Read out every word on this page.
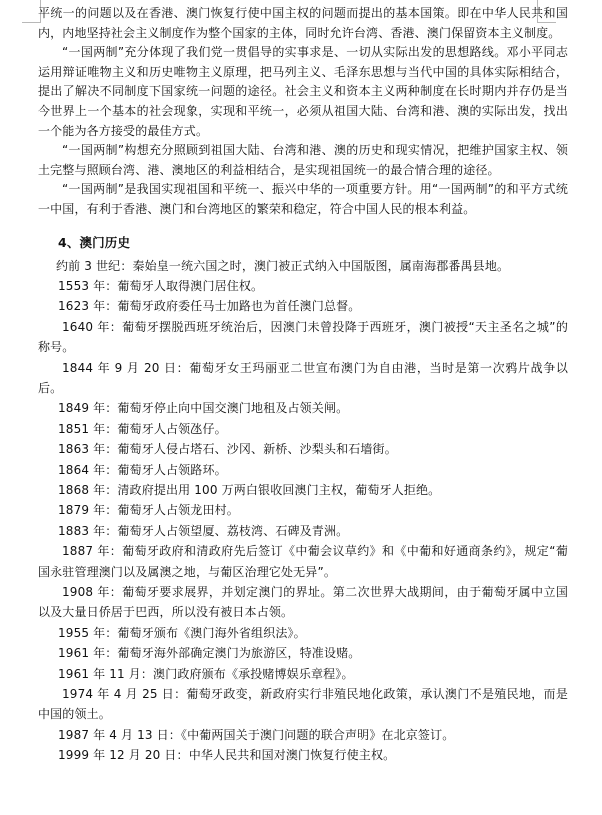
平统一的问题以及在香港、澳门恢复行使中国主权的问题而提出的基本国策。即在中华人民共和国内，内地坚持社会主义制度作为整个国家的主体，同时允许台湾、香港、澳门保留资本主义制度。

“一国两制”充分体现了我们党一贯倡导的实事求是、一切从实际出发的思想路线。邓小平同志运用辩证唯物主义和历史唯物主义原理，把马列主义、毛泽东思想与当代中国的具体实际相结合，提出了解决不同制度下国家统一问题的途径。社会主义和资本主义两种制度在长时期内并存仍是当今世界上一个基本的社会现象，实现和平统一，必须从祖国大陆、台湾和港、澳的实际出发，找出一个能为各方接受的最佳方式。

“一国两制”构想充分照顾到祖国大陆、台湾和港、澳的历史和现实情况，把维护国家主权、领土完整与照顾台湾、港、澳地区的利益相结合，是实现祖国统一的最合情合理的途径。

“一国两制”是我国实现祖国和平统一、振兴中华的一项重要方针。用“一国两制”的和平方式统一中国，有利于香港、澳门和台湾地区的繁荣和稳定，符合中国人民的根本利益。

4、澳门历史

约前 3 世纪：秦始皇一统六国之时，澳门被正式纳入中国版图，属南海郡番禺县地。

1553 年：葡萄牙人取得澳门居住权。

1623 年：葡萄牙政府委任马士加路也为首任澳门总督。

1640 年：葡萄牙摆脱西班牙统治后，因澳门未曾投降于西班牙，澳门被授“天主圣名之城”的称号。

1844 年 9 月 20 日：葡萄牙女王玛丽亚二世宣布澳门为自由港，当时是第一次鸦片战争以后。

1849 年：葡萄牙停止向中国交澳门地租及占领关闸。

1851 年：葡萄牙人占领氹仔。

1863 年：葡萄牙人侵占塔石、沙冈、新桥、沙梨头和石墙街。

1864 年：葡萄牙人占领路环。

1868 年：清政府提出用 100 万两白银收回澳门主权，葡萄牙人拒绝。

1879 年：葡萄牙人占领龙田村。

1883 年：葡萄牙人占领望厦、荔枝湾、石碑及青洲。

1887 年：葡萄牙政府和清政府先后签订《中葡会议草约》和《中葡和好通商条约》，规定“葡国永驻管理澳门以及属澳之地，与葡区治理它处无异”。

1908 年：葡萄牙要求展界，并划定澳门的界址。第二次世界大战期间，由于葡萄牙属中立国以及大量日侨居于巴西，所以没有被日本占领。

1955 年：葡萄牙颁布《澳门海外省组织法》。

1961 年：葡萄牙海外部确定澳门为旅游区，特准设赌。

1961 年 11 月：澳门政府颁布《承投赌博娱乐章程》。

1974 年 4 月 25 日：葡萄牙政变，新政府实行非殖民地化政策，承认澳门不是殖民地，而是中国的领土。

1987 年 4 月 13 日：《中葡两国关于澳门问题的联合声明》在北京签订。

1999 年 12 月 20 日：中华人民共和国对澳门恢复行使主权。
